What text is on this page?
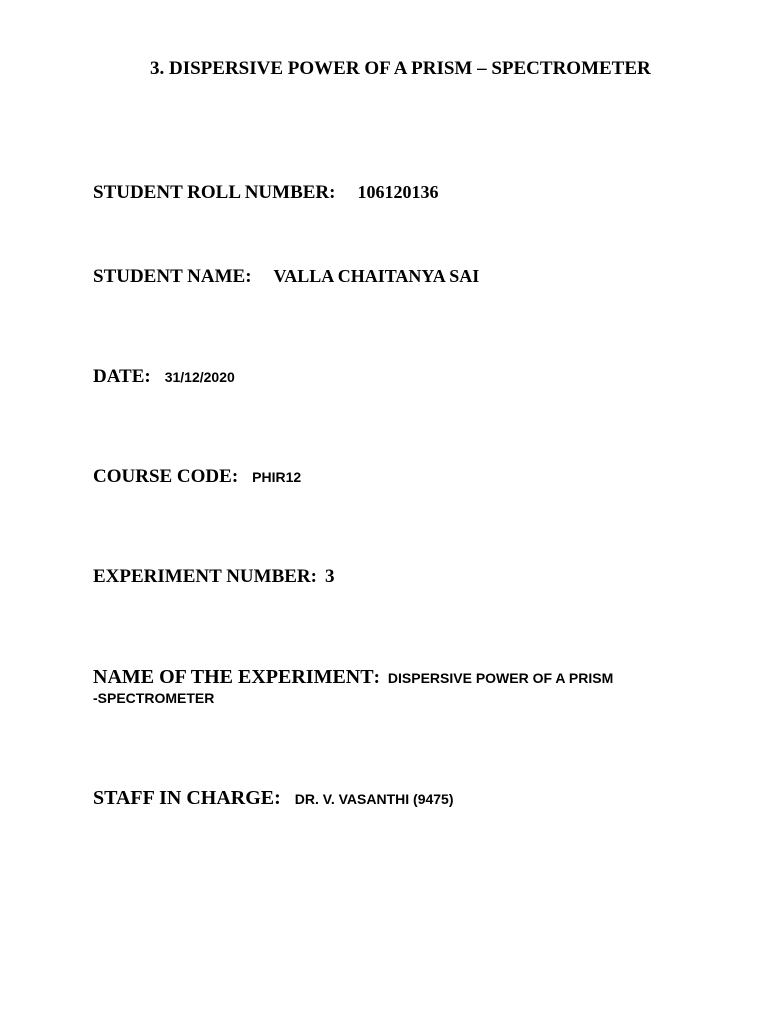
3. DISPERSIVE POWER OF A PRISM – SPECTROMETER
STUDENT ROLL NUMBER: 106120136
STUDENT NAME: VALLA CHAITANYA SAI
DATE: 31/12/2020
COURSE CODE: PHIR12
EXPERIMENT NUMBER: 3
NAME OF THE EXPERIMENT: DISPERSIVE POWER OF A PRISM
-SPECTROMETER
STAFF IN CHARGE: DR. V. VASANTHI (9475)
